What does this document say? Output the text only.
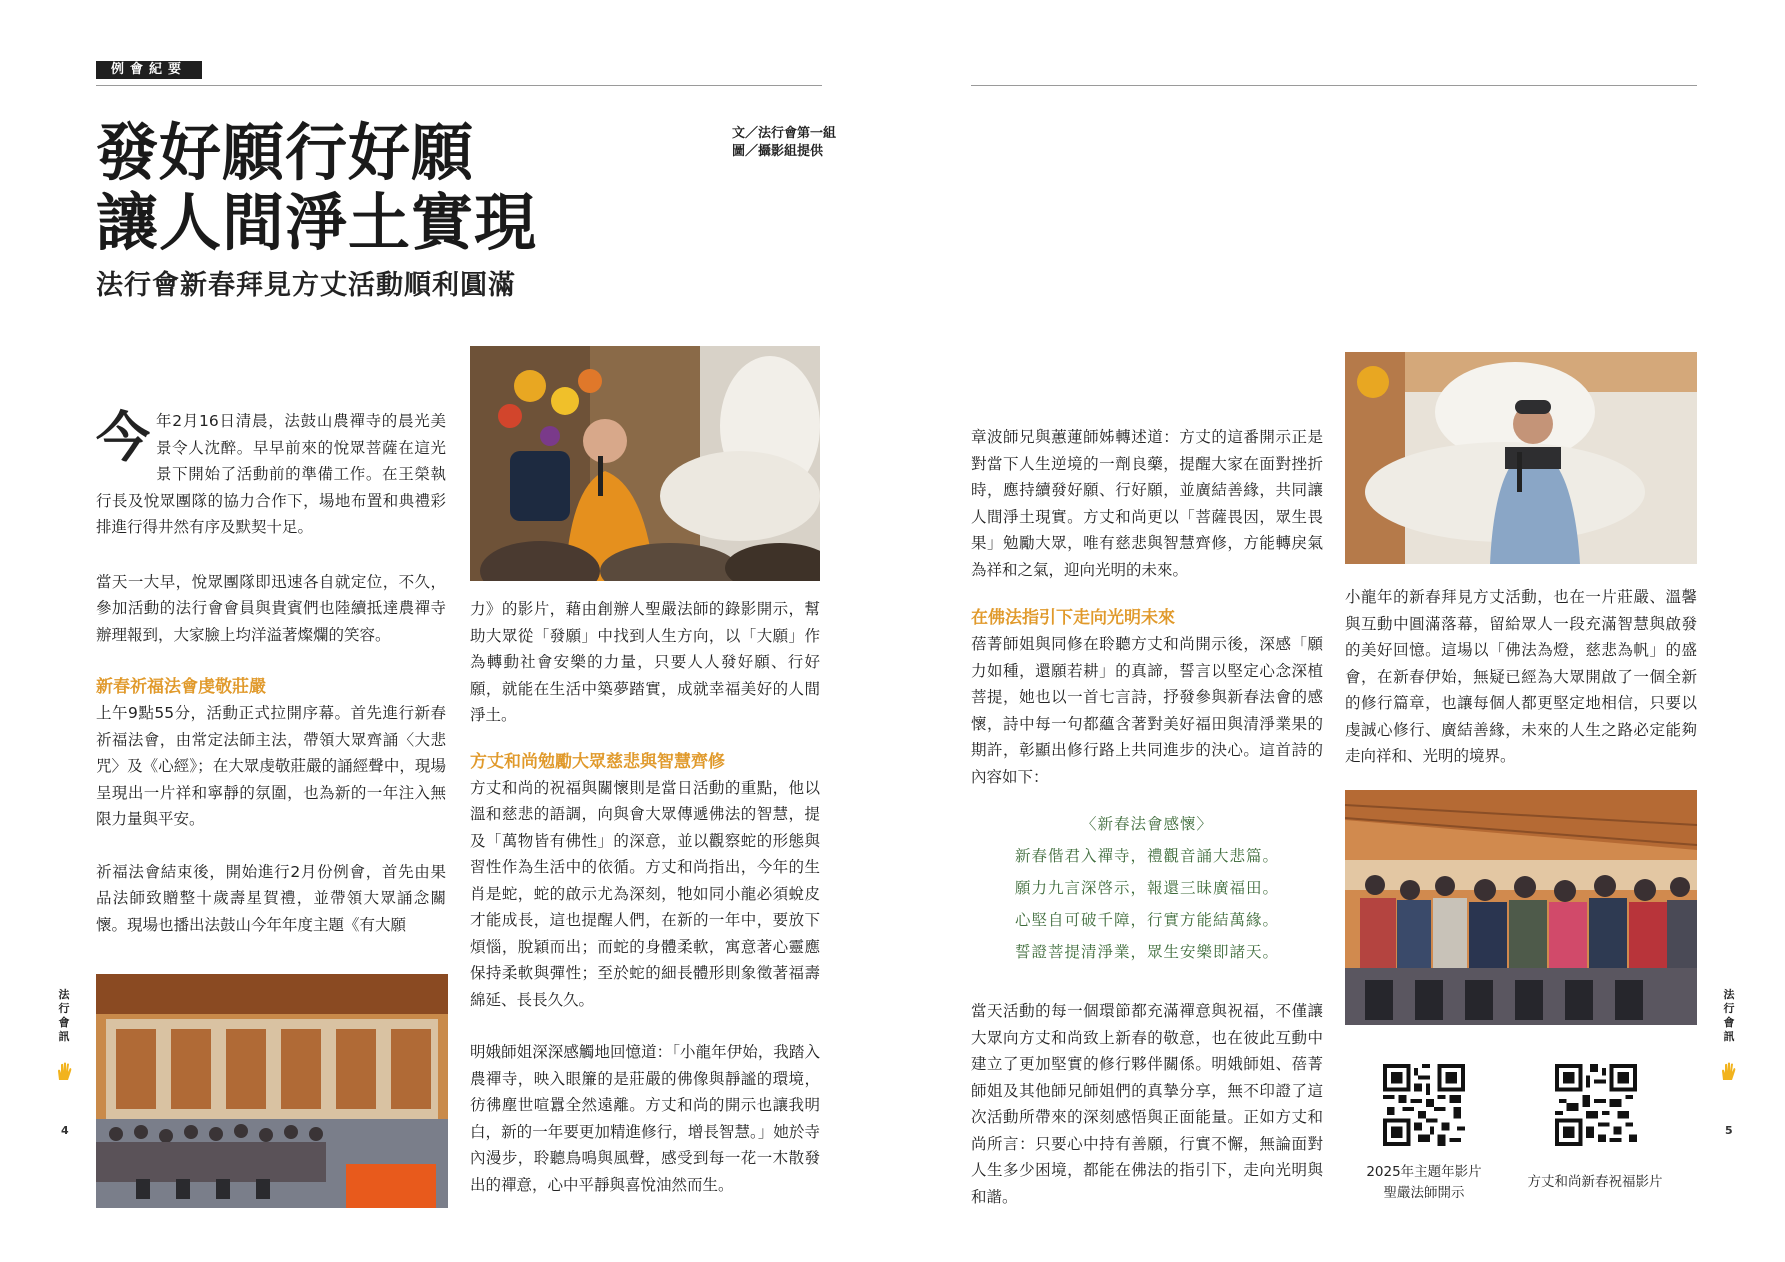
例會紀要
發好願行好願
讓人間淨土實現
法行會新春拜見方丈活動順利圓滿
文／法行會第一組
圖／攝影組提供

今年2月16日清晨，法鼓山農禪寺的晨光美景令人沈醉。早早前來的悅眾菩薩在這光景下開始了活動前的準備工作。在王榮執行長及悅眾團隊的協力合作下，場地布置和典禮彩排進行得井然有序及默契十足。

當天一大早，悅眾團隊即迅速各自就定位，不久，參加活動的法行會會員與貴賓們也陸續抵達農禪寺辦理報到，大家臉上均洋溢著燦爛的笑容。

新春祈福法會虔敬莊嚴

上午9點55分，活動正式拉開序幕。首先進行新春祈福法會，由常定法師主法，帶領大眾齊誦〈大悲咒〉及《心經》；在大眾虔敬莊嚴的誦經聲中，現場呈現出一片祥和寧靜的氛圍，也為新的一年注入無限力量與平安。

祈福法會結束後，開始進行2月份例會，首先由果品法師致贈整十歲壽星賀禮，並帶領大眾誦念關懷。現場也播出法鼓山今年年度主題《有大願

力》的影片，藉由創辦人聖嚴法師的錄影開示，幫助大眾從「發願」中找到人生方向，以「大願」作為轉動社會安樂的力量，只要人人發好願、行好願，就能在生活中築夢踏實，成就幸福美好的人間淨土。

方丈和尚勉勵大眾慈悲與智慧齊修

方丈和尚的祝福與關懷則是當日活動的重點，他以溫和慈悲的語調，向與會大眾傳遞佛法的智慧，提及「萬物皆有佛性」的深意，並以觀察蛇的形態與習性作為生活中的依循。方丈和尚指出，今年的生肖是蛇，蛇的啟示尤為深刻，牠如同小龍必須蛻皮才能成長，這也提醒人們，在新的一年中，要放下煩惱，脫穎而出；而蛇的身體柔軟，寓意著心靈應保持柔軟與彈性；至於蛇的細長體形則象徵著福壽綿延、長長久久。

明娥師姐深深感觸地回憶道：「小龍年伊始，我踏入農禪寺，映入眼簾的是莊嚴的佛像與靜謐的環境，彷彿塵世喧囂全然遠離。方丈和尚的開示也讓我明白，新的一年要更加精進修行，增長智慧。」她於寺內漫步，聆聽鳥鳴與風聲，感受到每一花一木散發出的禪意，心中平靜與喜悅油然而生。

法行會訊
4

章波師兄與蕙蓮師姊轉述道：方丈的這番開示正是對當下人生逆境的一劑良藥，提醒大家在面對挫折時，應持續發好願、行好願，並廣結善緣，共同讓人間淨土現實。方丈和尚更以「菩薩畏因，眾生畏果」勉勵大眾，唯有慈悲與智慧齊修，方能轉戾氣為祥和之氣，迎向光明的未來。

在佛法指引下走向光明未來

蓓菁師姐與同修在聆聽方丈和尚開示後，深感「願力如種，還願若耕」的真諦，誓言以堅定心念深植菩提，她也以一首七言詩，抒發參與新春法會的感懷，詩中每一句都蘊含著對美好福田與清淨業果的期許，彰顯出修行路上共同進步的決心。這首詩的內容如下：

〈新春法會感懷〉
新春偕君入禪寺，禮觀音誦大悲篇。
願力九言深啓示，報還三昧廣福田。
心堅自可破千障，行實方能結萬緣。
誓證菩提清淨業，眾生安樂即諸天。

當天活動的每一個環節都充滿禪意與祝福，不僅讓大眾向方丈和尚致上新春的敬意，也在彼此互動中建立了更加堅實的修行夥伴關係。明娥師姐、蓓菁師姐及其他師兄師姐們的真摯分享，無不印證了這次活動所帶來的深刻感悟與正面能量。正如方丈和尚所言：只要心中持有善願，行實不懈，無論面對人生多少困境，都能在佛法的指引下，走向光明與和諧。

小龍年的新春拜見方丈活動，也在一片莊嚴、溫馨與互動中圓滿落幕，留給眾人一段充滿智慧與啟發的美好回憶。這場以「佛法為燈，慈悲為帆」的盛會，在新春伊始，無疑已經為大眾開啟了一個全新的修行篇章，也讓每個人都更堅定地相信，只要以虔誠心修行、廣結善緣，未來的人生之路必定能夠走向祥和、光明的境界。

2025年主題年影片
聖嚴法師開示
方丈和尚新春祝福影片
法行會訊
5
